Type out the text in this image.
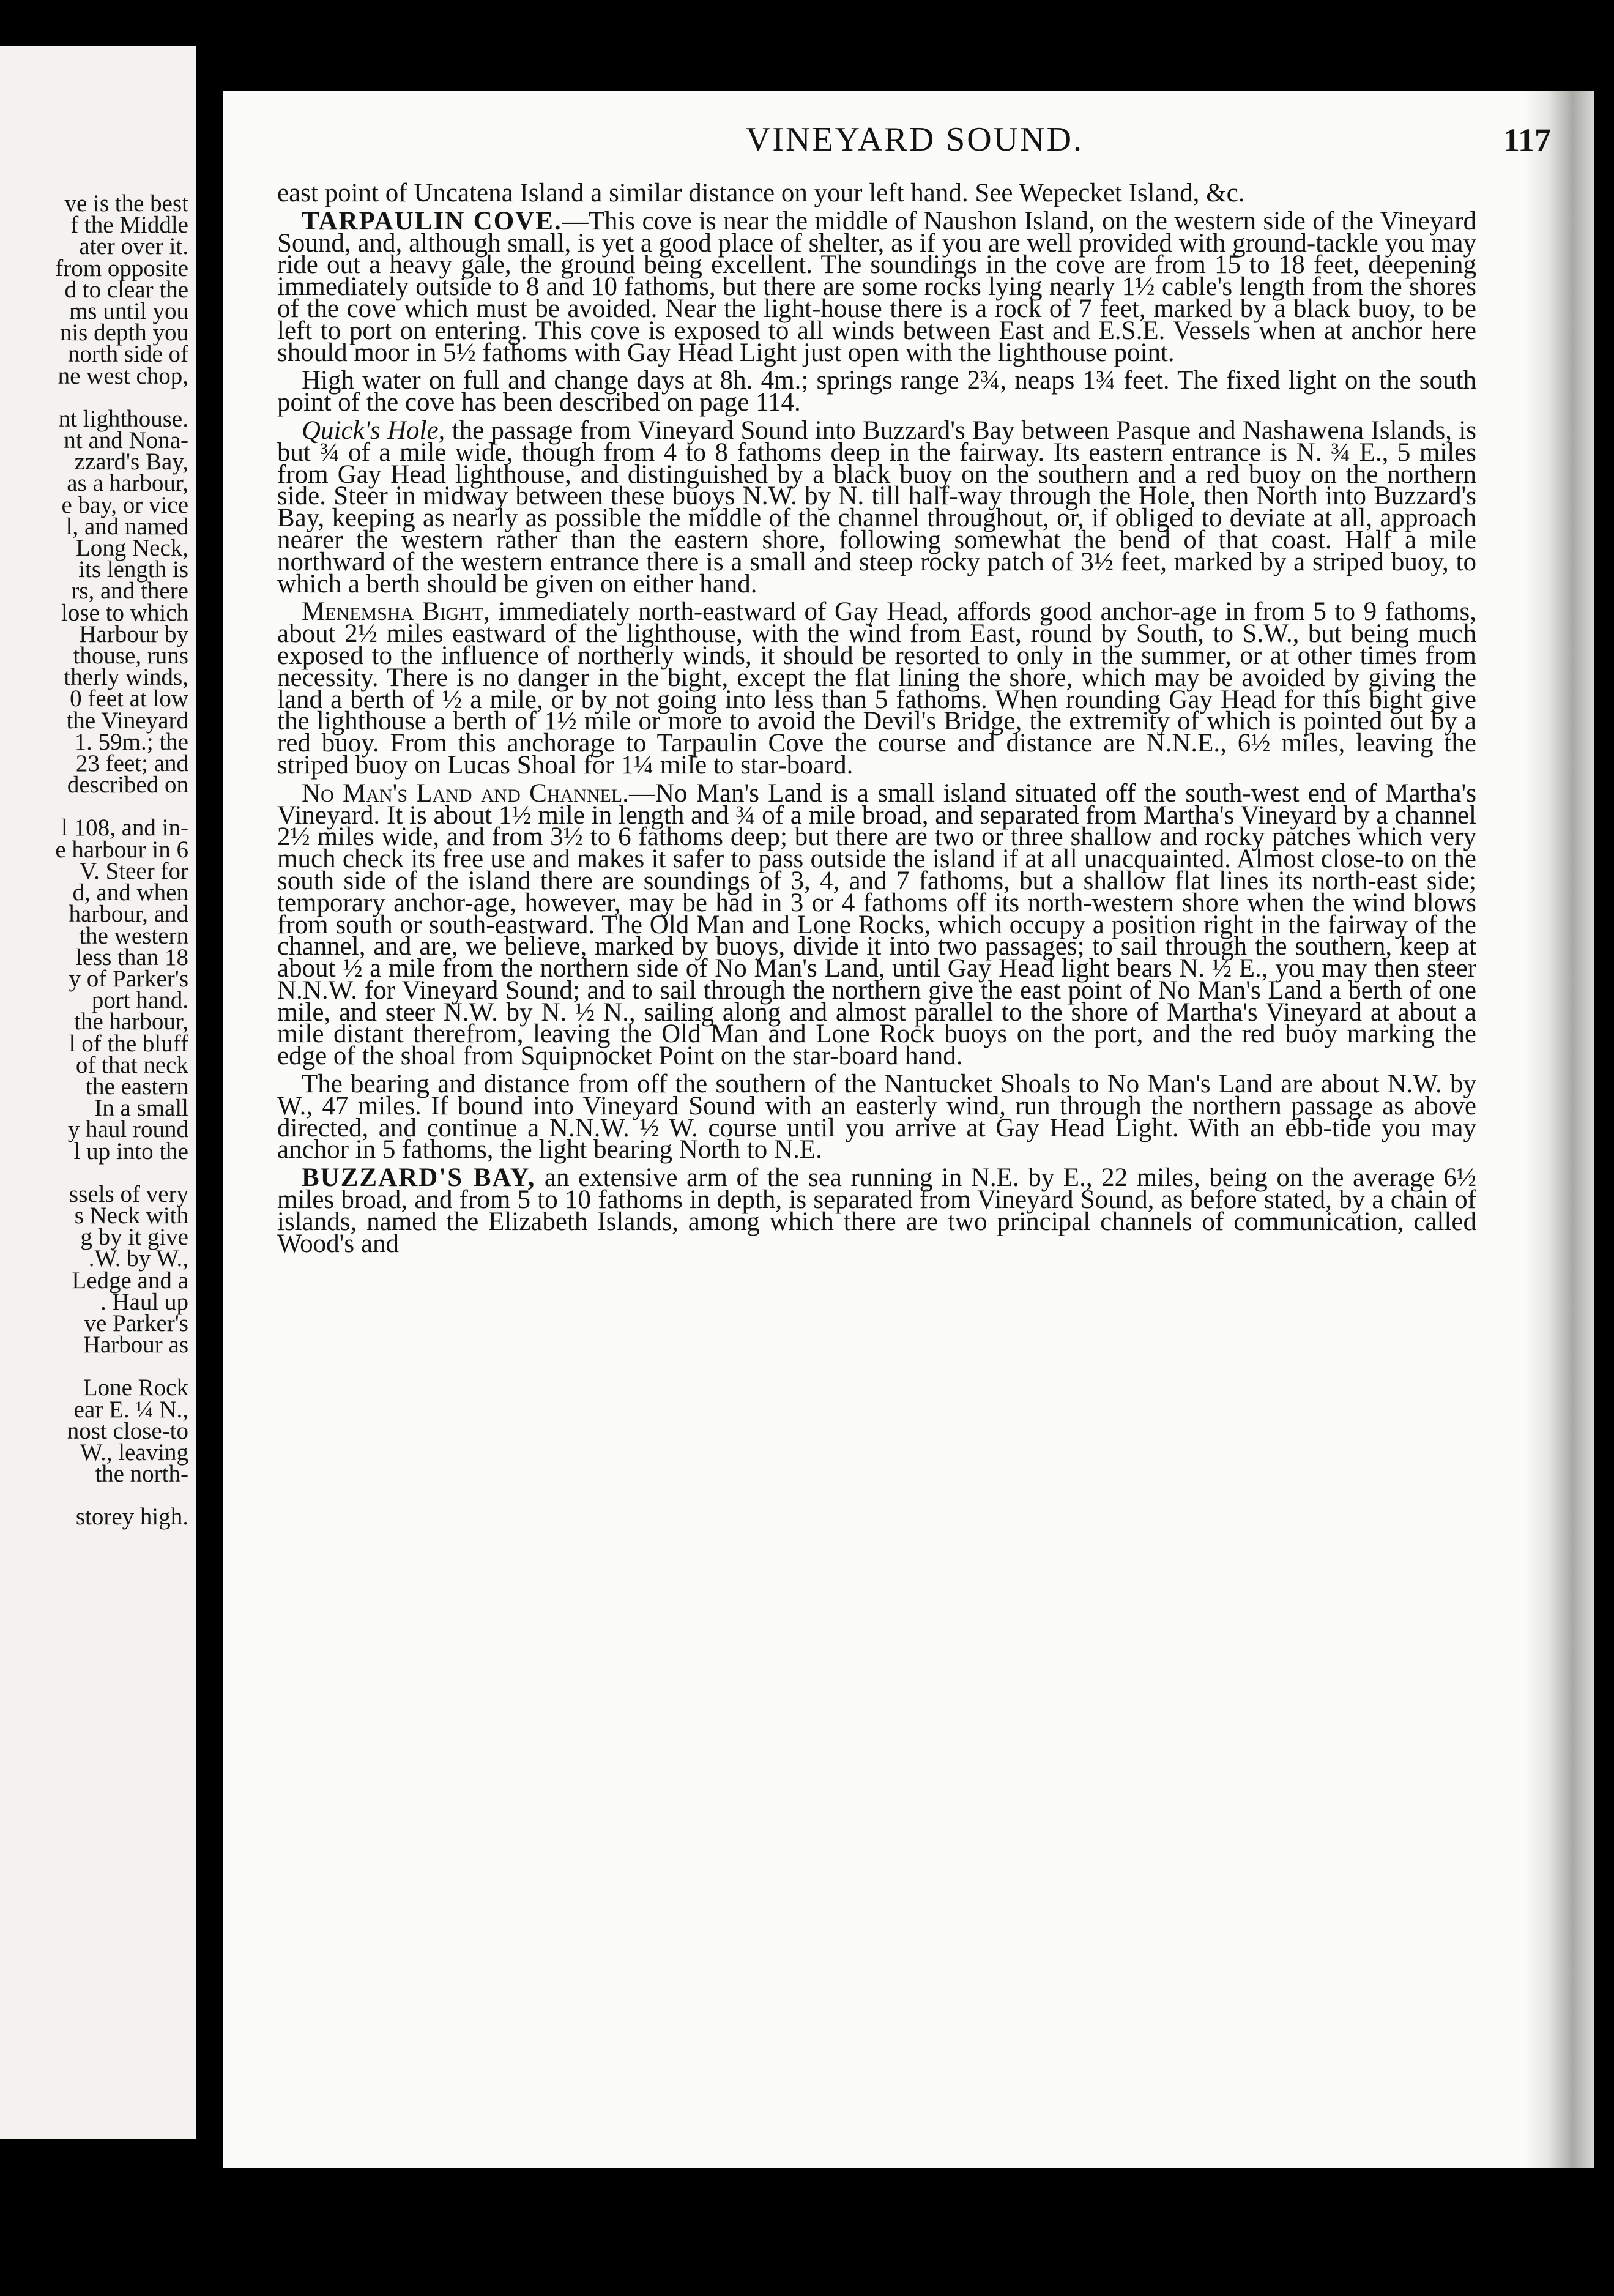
ve is the best
f the Middle
ater over it.
from opposite
d to clear the
ms until you
nis depth you
north side of
ne west chop,
nt lighthouse.
nt and Nona-
zzard's Bay,
as a harbour,
e bay, or vice
l, and named
Long Neck,
its length is
rs, and there
lose to which
Harbour by
thouse, runs
therly winds,
0 feet at low
the Vineyard
1. 59m.; the
23 feet; and
described on
l 108, and in-
e harbour in 6
V. Steer for
d, and when
harbour, and
the western
less than 18
y of Parker's
port hand.
the harbour,
l of the bluff
of that neck
the eastern
In a small
y haul round
l up into the
ssels of very
s Neck with
g by it give
.W. by W.,
Ledge and a
. Haul up
ve Parker's
Harbour as
Lone Rock
ear E. ¼ N.,
nost close-to
W., leaving
the north-
storey high.
VINEYARD SOUND.	117

east point of Uncatena Island a similar distance on your left hand. See Wepecket Island, &c.

TARPAULIN COVE.—This cove is near the middle of Naushon Island, on the western side of the Vineyard Sound, and, although small, is yet a good place of shelter, as if you are well provided with ground-tackle you may ride out a heavy gale, the ground being excellent. The soundings in the cove are from 15 to 18 feet, deepening immediately outside to 8 and 10 fathoms, but there are some rocks lying nearly 1½ cable's length from the shores of the cove which must be avoided. Near the light-house there is a rock of 7 feet, marked by a black buoy, to be left to port on entering. This cove is exposed to all winds between East and E.S.E. Vessels when at anchor here should moor in 5½ fathoms with Gay Head Light just open with the lighthouse point.

High water on full and change days at 8h. 4m.; springs range 2¾, neaps 1¾ feet. The fixed light on the south point of the cove has been described on page 114.

Quick's Hole, the passage from Vineyard Sound into Buzzard's Bay between Pasque and Nashawena Islands, is but ¾ of a mile wide, though from 4 to 8 fathoms deep in the fairway. Its eastern entrance is N. ¾ E., 5 miles from Gay Head lighthouse, and distinguished by a black buoy on the southern and a red buoy on the northern side. Steer in midway between these buoys N.W. by N. till half-way through the Hole, then North into Buzzard's Bay, keeping as nearly as possible the middle of the channel throughout, or, if obliged to deviate at all, approach nearer the western rather than the eastern shore, following somewhat the bend of that coast. Half a mile northward of the western entrance there is a small and steep rocky patch of 3½ feet, marked by a striped buoy, to which a berth should be given on either hand.

Menemsha Bight, immediately north-eastward of Gay Head, affords good anchor-age in from 5 to 9 fathoms, about 2½ miles eastward of the lighthouse, with the wind from East, round by South, to S.W., but being much exposed to the influence of northerly winds, it should be resorted to only in the summer, or at other times from necessity. There is no danger in the bight, except the flat lining the shore, which may be avoided by giving the land a berth of ½ a mile, or by not going into less than 5 fathoms. When rounding Gay Head for this bight give the lighthouse a berth of 1½ mile or more to avoid the Devil's Bridge, the extremity of which is pointed out by a red buoy. From this anchorage to Tarpaulin Cove the course and distance are N.N.E., 6½ miles, leaving the striped buoy on Lucas Shoal for 1¼ mile to star-board.

No Man's Land and Channel.—No Man's Land is a small island situated off the south-west end of Martha's Vineyard. It is about 1½ mile in length and ¾ of a mile broad, and separated from Martha's Vineyard by a channel 2½ miles wide, and from 3½ to 6 fathoms deep; but there are two or three shallow and rocky patches which very much check its free use and makes it safer to pass outside the island if at all unacquainted. Almost close-to on the south side of the island there are soundings of 3, 4, and 7 fathoms, but a shallow flat lines its north-east side; temporary anchor-age, however, may be had in 3 or 4 fathoms off its north-western shore when the wind blows from south or south-eastward. The Old Man and Lone Rocks, which occupy a position right in the fairway of the channel, and are, we believe, marked by buoys, divide it into two passages; to sail through the southern, keep at about ½ a mile from the northern side of No Man's Land, until Gay Head light bears N. ½ E., you may then steer N.N.W. for Vineyard Sound; and to sail through the northern give the east point of No Man's Land a berth of one mile, and steer N.W. by N. ½ N., sailing along and almost parallel to the shore of Martha's Vineyard at about a mile distant therefrom, leaving the Old Man and Lone Rock buoys on the port, and the red buoy marking the edge of the shoal from Squipnocket Point on the star-board hand.

The bearing and distance from off the southern of the Nantucket Shoals to No Man's Land are about N.W. by W., 47 miles. If bound into Vineyard Sound with an easterly wind, run through the northern passage as above directed, and continue a N.N.W. ½ W. course until you arrive at Gay Head Light. With an ebb-tide you may anchor in 5 fathoms, the light bearing North to N.E.

BUZZARD'S BAY, an extensive arm of the sea running in N.E. by E., 22 miles, being on the average 6½ miles broad, and from 5 to 10 fathoms in depth, is separated from Vineyard Sound, as before stated, by a chain of islands, named the Elizabeth Islands, among which there are two principal channels of communication, called Wood's and
